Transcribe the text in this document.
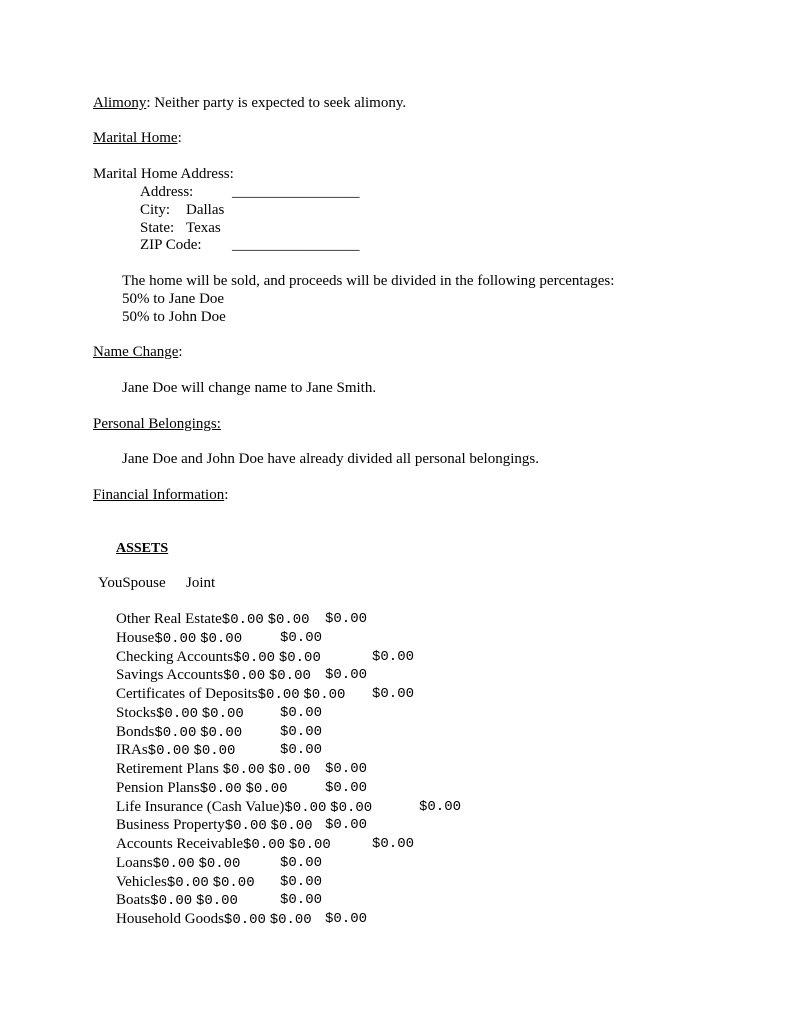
Alimony: Neither party is expected to seek alimony.
Marital Home:
Marital Home Address:
Address:	_________________
City: Dallas
State: Texas
ZIP Code: _________________
The home will be sold, and proceeds will be divided in the following percentages:
50% to Jane Doe
50% to John Doe
Name Change:
Jane Doe will change name to Jane Smith.
Personal Belongings:
Jane Doe and John Doe have already divided all personal belongings.
Financial Information:
ASSETS
YouSpouse Joint
Other Real Estate$0.00 $0.00 $0.00
House$0.00 $0.00	$0.00
Checking Accounts$0.00 $0.00	$0.00
Savings Accounts$0.00 $0.00 $0.00
Certificates of Deposits$0.00 $0.00 $0.00
Stocks$0.00 $0.00	$0.00
Bonds$0.00 $0.00	$0.00
IRAs$0.00 $0.00	$0.00
Retirement Plans $0.00 $0.00 $0.00
Pension Plans$0.00 $0.00	$0.00
Life Insurance (Cash Value)$0.00 $0.00	$0.00
Business Property$0.00 $0.00 $0.00
Accounts Receivable$0.00 $0.00	$0.00
Loans$0.00 $0.00	$0.00
Vehicles$0.00 $0.00 $0.00
Boats$0.00 $0.00	$0.00
Household Goods$0.00 $0.00 $0.00
